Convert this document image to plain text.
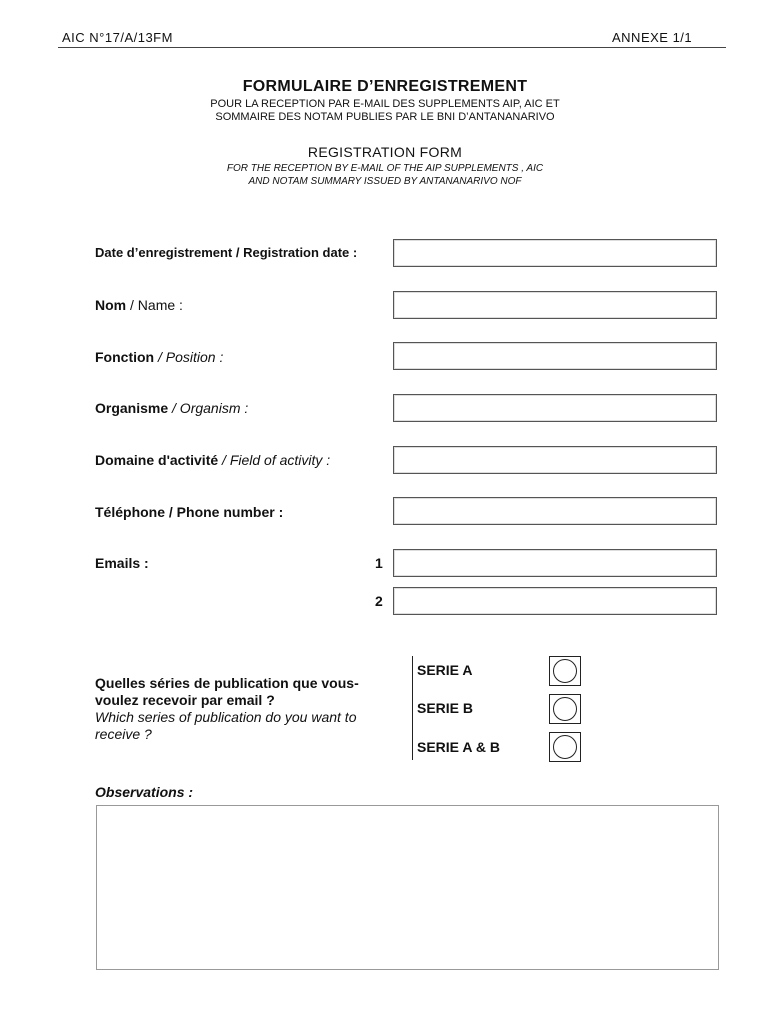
AIC N°17/A/13FM	ANNEXE 1/1
FORMULAIRE D’ENREGISTREMENT
POUR LA RECEPTION PAR E-MAIL DES SUPPLEMENTS AIP, AIC ET
SOMMAIRE DES NOTAM PUBLIES PAR LE BNI D’ANTANANARIVO
REGISTRATION FORM
FOR THE RECEPTION BY E-MAIL OF THE AIP SUPPLEMENTS , AIC
AND NOTAM SUMMARY ISSUED BY ANTANANARIVO NOF
Date d’enregistrement / Registration date :
Nom / Name :
Fonction / Position :
Organisme / Organism :
Domaine d'activité / Field of activity :
Téléphone / Phone number :
Emails :	1
2
Quelles séries de publication que vous-voulez recevoir par email ?
Which series of publication do you want to receive ?
SERIE A
SERIE B
SERIE A & B
Observations :
